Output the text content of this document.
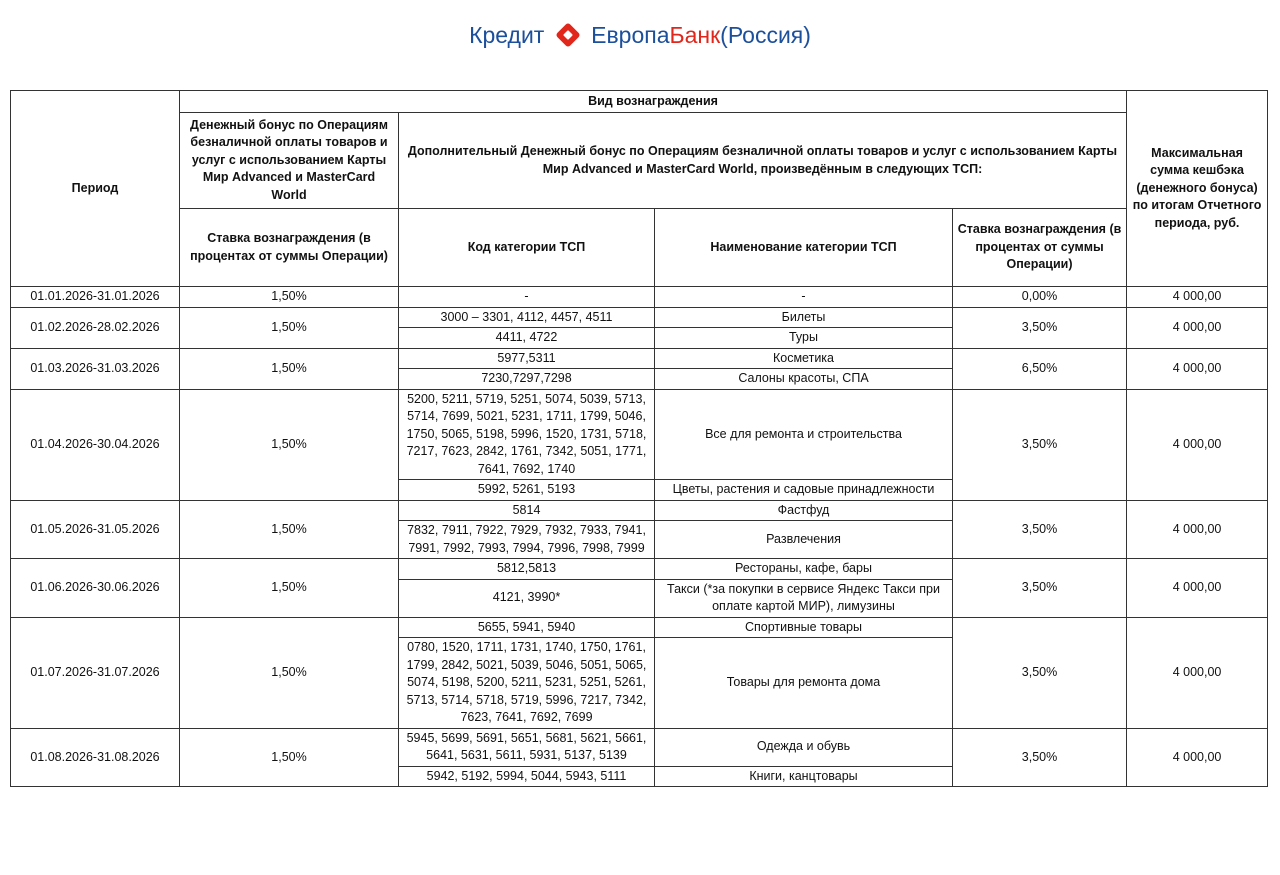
Кредит ЕвропаБанк(Россия)
Период	Вид вознаграждения				Максимальная сумма кешбэка (денежного бонуса) по итогам Отчетного периода, руб.
	Денежный бонус по Операциям безналичной оплаты товаров и услуг с использованием Карты Мир Advanced и MasterCard World	Дополнительный Денежный бонус по Операциям безналичной оплаты товаров и услуг с использованием Карты Мир Advanced и MasterCard World, произведённым в следующих ТСП:			
	Ставка вознаграждения (в процентах от суммы Операции)	Код категории ТСП	Наименование категории ТСП	Ставка вознаграждения (в процентах от суммы Операции)	
01.01.2026-31.01.2026	1,50%	-	-	0,00%	4 000,00
01.02.2026-28.02.2026	1,50%	3000 – 3301, 4112, 4457, 4511	Билеты	3,50%	4 000,00
		4411, 4722	Туры		
01.03.2026-31.03.2026	1,50%	5977,5311	Косметика	6,50%	4 000,00
		7230,7297,7298	Салоны красоты, СПА		
01.04.2026-30.04.2026	1,50%	5200, 5211, 5719, 5251, 5074, 5039, 5713, 5714, 7699, 5021, 5231, 1711, 1799, 5046, 1750, 5065, 5198, 5996, 1520, 1731, 5718, 7217, 7623, 2842, 1761, 7342, 5051, 1771, 7641, 7692, 1740	Все для ремонта и строительства	3,50%	4 000,00
		5992, 5261, 5193	Цветы, растения и садовые принадлежности		
01.05.2026-31.05.2026	1,50%	5814	Фастфуд	3,50%	4 000,00
		7832, 7911, 7922, 7929, 7932, 7933, 7941, 7991, 7992, 7993, 7994, 7996, 7998, 7999	Развлечения		
01.06.2026-30.06.2026	1,50%	5812,5813	Рестораны, кафе, бары	3,50%	4 000,00
		4121, 3990*	Такси (*за покупки в сервисе Яндекс Такси при оплате картой МИР), лимузины		
01.07.2026-31.07.2026	1,50%	5655, 5941, 5940	Спортивные товары	3,50%	4 000,00
		0780, 1520, 1711, 1731, 1740, 1750, 1761, 1799, 2842, 5021, 5039, 5046, 5051, 5065, 5074, 5198, 5200, 5211, 5231, 5251, 5261, 5713, 5714, 5718, 5719, 5996, 7217, 7342, 7623, 7641, 7692, 7699	Товары для ремонта дома		
01.08.2026-31.08.2026	1,50%	5945, 5699, 5691, 5651, 5681, 5621, 5661, 5641, 5631, 5611, 5931, 5137, 5139	Одежда и обувь	3,50%	4 000,00
		5942, 5192, 5994, 5044, 5943, 5111	Книги, канцтовары		
